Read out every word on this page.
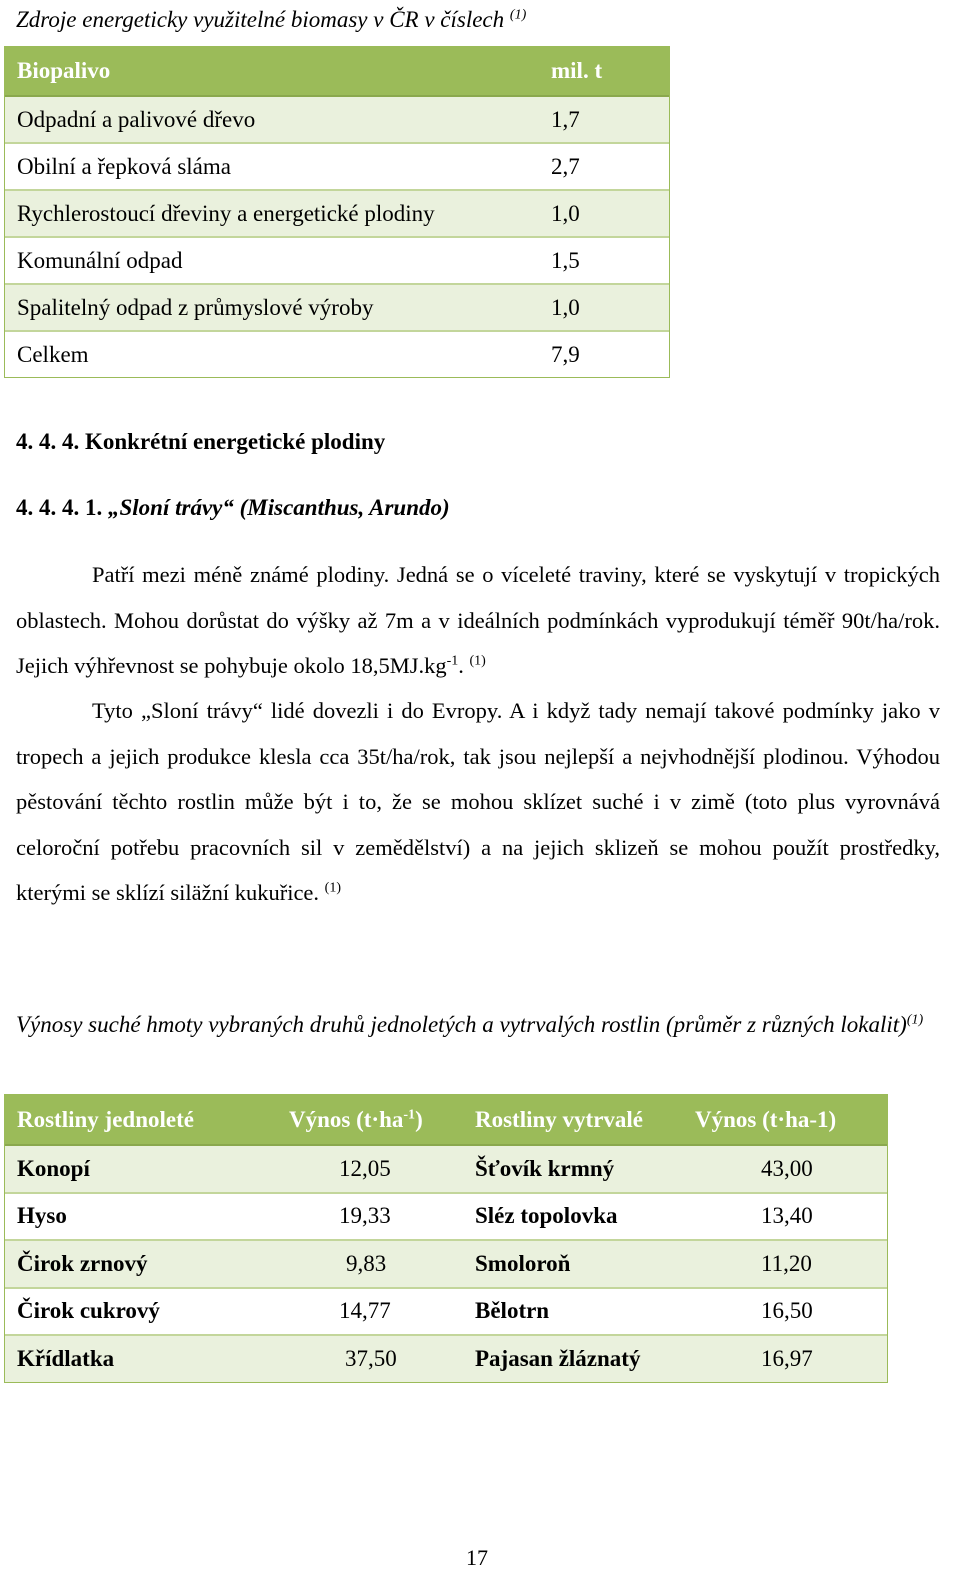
Zdroje energeticky využitelné biomasy v ČR v číslech $^{(1)}$
Biopalivo	mil. t
Odpadní a palivové dřevo	1,7
Obilní a řepková sláma	2,7
Rychlerostoucí dřeviny a energetické plodiny	1,0
Komunální odpad	1,5
Spalitelný odpad z průmyslové výroby	1,0
Celkem	7,9
4. 4. 4. Konkrétní energetické plodiny
4. 4. 4. 1. „Sloní trávy“ (Miscanthus, Arundo)
Patří mezi méně známé plodiny. Jedná se o víceleté traviny, které se vyskytují v tropických oblastech. Mohou dorůstat do výšky až 7m a v ideálních podmínkách vyprodukují téměř 90t/ha/rok. Jejich výhřevnost se pohybuje okolo $18,5MJ.kg^{-1}$. $^{(1)}$
Tyto „Sloní trávy“ lidé dovezli i do Evropy. A i když tady nemají takové podmínky jako v tropech a jejich produkce klesla cca 35t/ha/rok, tak jsou nejlepší a nejvhodnější plodinou. Výhodou pěstování těchto rostlin může být i to, že se mohou sklízet suché i v zimě (toto plus vyrovnává celoroční potřebu pracovních sil v zemědělství) a na jejich sklizeň se mohou použít prostředky, kterými se sklízí siläžní kukuřice. $^{(1)}$
Výnosy suché hmoty vybraných druhů jednoletých a vytrvalých rostlin (průměr z různých lokalit)$^{(1)}$
Rostliny jednoleté	Výnos $(t\cdot ha^{-1})$	Rostliny vytrvalé	Výnos (t·ha-1)
Konopí	12,05	Šťovík krmný	43,00
Hyso	19,33	Sléz topolovka	13,40
Čirok zrnový	9,83	Smoloroň	11,20
Čirok cukrový	14,77	Bělotrn	16,50
Křídlatka	37,50	Pajasan žláznatý	16,97
17
